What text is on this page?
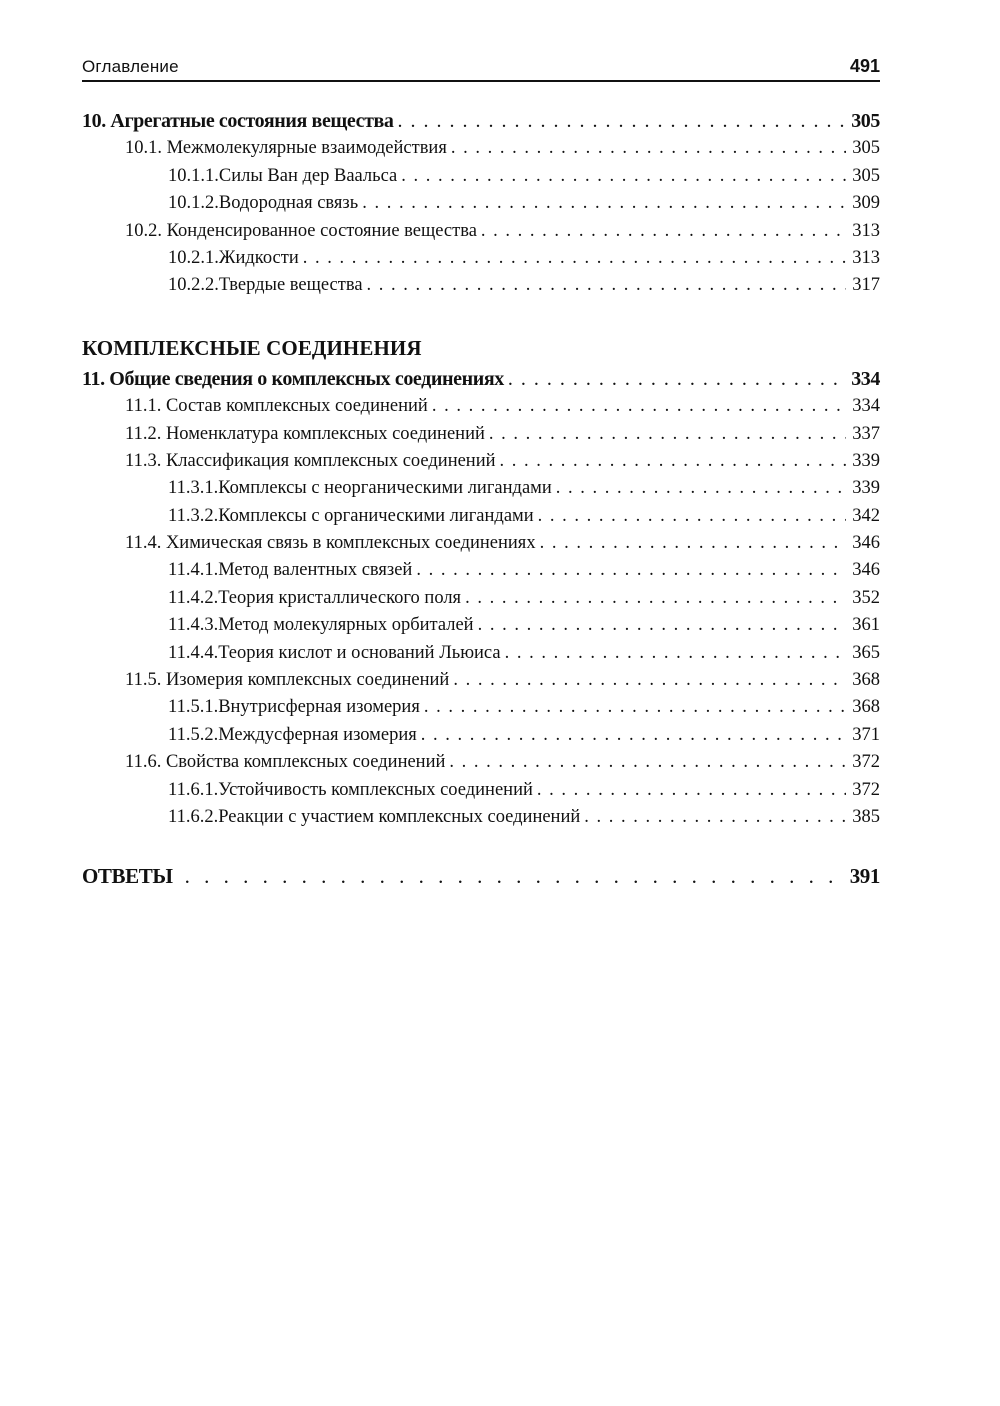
Оглавление	491
10. Агрегатные состояния вещества . . .	305
10.1. Межмолекулярные взаимодействия . . .	305
10.1.1.Силы Ван дер Ваальса . . .	305
10.1.2.Водородная связь . . .	309
10.2. Конденсированное состояние вещества . . .	313
10.2.1.Жидкости . . .	313
10.2.2.Твердые вещества . . .	317
КОМПЛЕКСНЫЕ СОЕДИНЕНИЯ
11. Общие сведения о комплексных соединениях . . .	334
11.1. Состав комплексных соединений . . .	334
11.2. Номенклатура комплексных соединений . . .	337
11.3. Классификация комплексных соединений . . .	339
11.3.1.Комплексы с неорганическими лигандами . . .	339
11.3.2.Комплексы с органическими лигандами . . .	342
11.4. Химическая связь в комплексных соединениях . . .	346
11.4.1.Метод валентных связей . . .	346
11.4.2.Теория кристаллического поля . . .	352
11.4.3.Метод молекулярных орбиталей . . .	361
11.4.4.Теория кислот и оснований Льюиса . . .	365
11.5. Изомерия комплексных соединений . . .	368
11.5.1.Внутрисферная изомерия . . .	368
11.5.2.Междусферная изомерия . . .	371
11.6. Свойства комплексных соединений . . .	372
11.6.1.Устойчивость комплексных соединений . . .	372
11.6.2.Реакции с участием комплексных соединений . . .	385
ОТВЕТЫ . . .	391
